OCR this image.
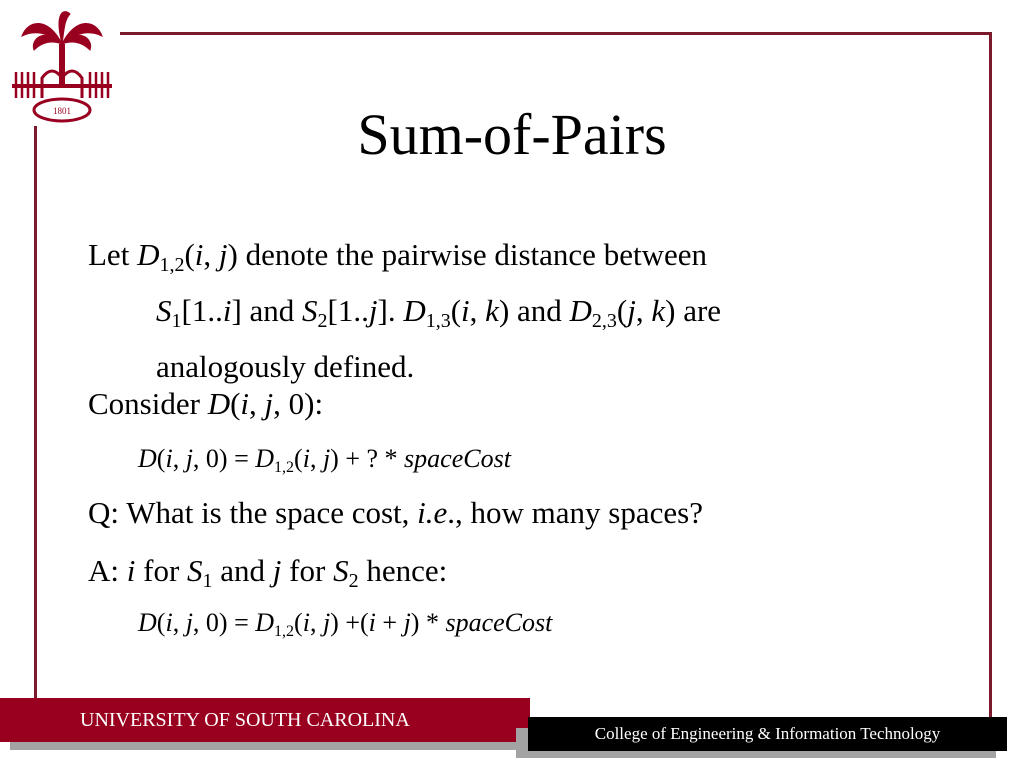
1801	Sum-of-Pairs
Let $D_{1,2}(i$, j) denote the pairwise distance between
$S_1[1..i]$ and $S_2[1..j]$. $D_{1,3}(i$, k) and $D_{2,3}(j$, k) are
analogously defined.
Consider D(i, j, 0):
D(i, j, 0) = D1,2(i, j) + ? * spaceCost
Q: What is the space cost, i.e., how many spaces?
A: i for $S_1$ and j for $S_2$ hence:
D(i, j, 0) = D1,2(i, j) +(i + j) * spaceCost
UNIVERSITY OF SOUTH CAROLINA
College of Engineering & Information Technology
